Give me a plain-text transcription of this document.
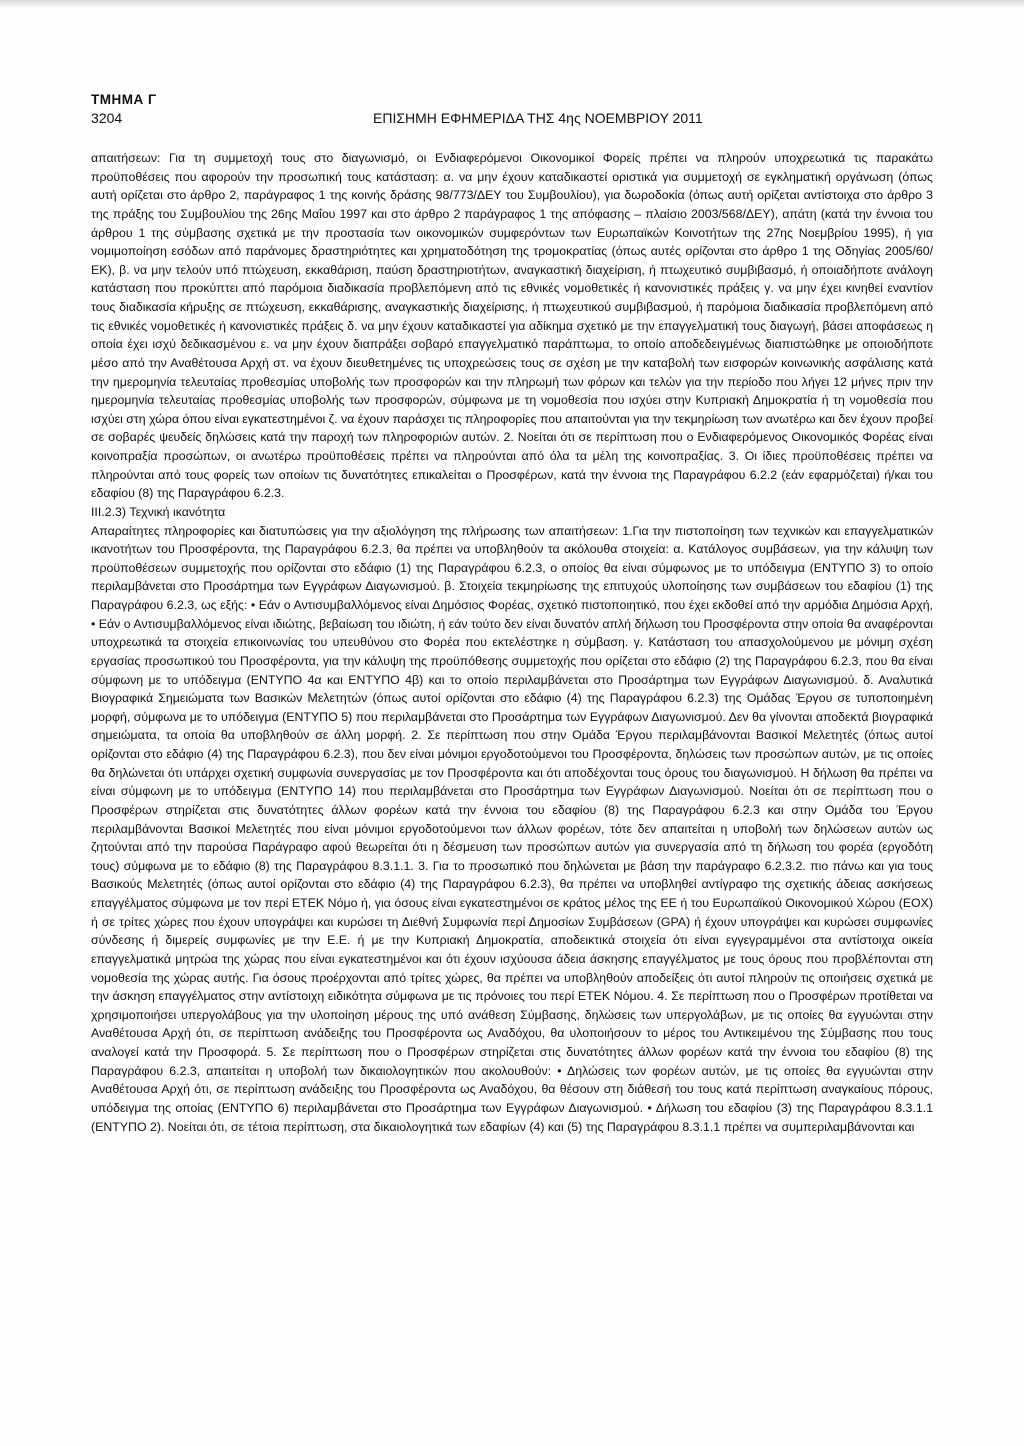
ΤΜΗΜΑ Γ
3204	ΕΠΙΣΗΜΗ ΕΦΗΜΕΡΙΔΑ ΤΗΣ 4ης ΝΟΕΜΒΡΙΟΥ 2011

απαιτήσεων: Για τη συμμετοχή τους στο διαγωνισμό, οι Ενδιαφερόμενοι Οικονομικοί Φορείς πρέπει να πληρούν υποχρεωτικά τις παρακάτω προϋποθέσεις που αφορούν την προσωπική τους κατάσταση: α. να μην έχουν καταδικαστεί οριστικά για συμμετοχή σε εγκληματική οργάνωση (όπως αυτή ορίζεται στο άρθρο 2, παράγραφος 1 της κοινής δράσης 98/773/ΔΕΥ του Συμβουλίου), για δωροδοκία (όπως αυτή ορίζεται αντίστοιχα στο άρθρο 3 της πράξης του Συμβουλίου της 26ης Μαΐου 1997 και στο άρθρο 2 παράγραφος 1 της απόφασης – πλαίσιο 2003/568/ΔΕΥ), απάτη (κατά την έννοια του άρθρου 1 της σύμβασης σχετικά με την προστασία των οικονομικών συμφερόντων των Ευρωπαϊκών Κοινοτήτων της 27ης Νοεμβρίου 1995), ή για νομιμοποίηση εσόδων από παράνομες δραστηριότητες και χρηματοδότηση της τρομοκρατίας (όπως αυτές ορίζονται στο άρθρο 1 της Οδηγίας 2005/60/ΕΚ), β. να μην τελούν υπό πτώχευση, εκκαθάριση, παύση δραστηριοτήτων, αναγκαστική διαχείριση, ή πτωχευτικό συμβιβασμό, ή οποιαδήποτε ανάλογη κατάσταση που προκύπτει από παρόμοια διαδικασία προβλεπόμενη από τις εθνικές νομοθετικές ή κανονιστικές πράξεις γ. να μην έχει κινηθεί εναντίον τους διαδικασία κήρυξης σε πτώχευση, εκκαθάρισης, αναγκαστικής διαχείρισης, ή πτωχευτικού συμβιβασμού, ή παρόμοια διαδικασία προβλεπόμενη από τις εθνικές νομοθετικές ή κανονιστικές πράξεις δ. να μην έχουν καταδικαστεί για αδίκημα σχετικό με την επαγγελματική τους διαγωγή, βάσει αποφάσεως η οποία έχει ισχύ δεδικασμένου ε. να μην έχουν διαπράξει σοβαρό επαγγελματικό παράπτωμα, το οποίο αποδεδειγμένως διαπιστώθηκε με οποιοδήποτε μέσο από την Αναθέτουσα Αρχή στ. να έχουν διευθετημένες τις υποχρεώσεις τους σε σχέση με την καταβολή των εισφορών κοινωνικής ασφάλισης κατά την ημερομηνία τελευταίας προθεσμίας υποβολής των προσφορών και την πληρωμή των φόρων και τελών για την περίοδο που λήγει 12 μήνες πριν την ημερομηνία τελευταίας προθεσμίας υποβολής των προσφορών, σύμφωνα με τη νομοθεσία που ισχύει στην Κυπριακή Δημοκρατία ή τη νομοθεσία που ισχύει στη χώρα όπου είναι εγκατεστημένοι ζ. να έχουν παράσχει τις πληροφορίες που απαιτούνται για την τεκμηρίωση των ανωτέρω και δεν έχουν προβεί σε σοβαρές ψευδείς δηλώσεις κατά την παροχή των πληροφοριών αυτών. 2. Νοείται ότι σε περίπτωση που ο Ενδιαφερόμενος Οικονομικός Φορέας είναι κοινοπραξία προσώπων, οι ανωτέρω προϋποθέσεις πρέπει να πληρούνται από όλα τα μέλη της κοινοπραξίας. 3. Οι ίδιες προϋποθέσεις πρέπει να πληρούνται από τους φορείς των οποίων τις δυνατότητες επικαλείται ο Προσφέρων, κατά την έννοια της Παραγράφου 6.2.2 (εάν εφαρμόζεται) ή/και του εδαφίου (8) της Παραγράφου 6.2.3.

III.2.3) Τεχνική ικανότητα

Απαραίτητες πληροφορίες και διατυπώσεις για την αξιολόγηση της πλήρωσης των απαιτήσεων: 1.Για την πιστοποίηση των τεχνικών και επαγγελματικών ικανοτήτων του Προσφέροντα, της Παραγράφου 6.2.3, θα πρέπει να υποβληθούν τα ακόλουθα στοιχεία: α. Κατάλογος συμβάσεων, για την κάλυψη των προϋποθέσεων συμμετοχής που ορίζονται στο εδάφιο (1) της Παραγράφου 6.2.3, ο οποίος θα είναι σύμφωνος με το υπόδειγμα (ΕΝΤΥΠΟ 3) το οποίο περιλαμβάνεται στο Προσάρτημα των Εγγράφων Διαγωνισμού. β. Στοιχεία τεκμηρίωσης της επιτυχούς υλοποίησης των συμβάσεων του εδαφίου (1) της Παραγράφου 6.2.3, ως εξής: • Εάν ο Αντισυμβαλλόμενος είναι Δημόσιος Φορέας, σχετικό πιστοποιητικό, που έχει εκδοθεί από την αρμόδια Δημόσια Αρχή, • Εάν ο Αντισυμβαλλόμενος είναι ιδιώτης, βεβαίωση του ιδιώτη, ή εάν τούτο δεν είναι δυνατόν απλή δήλωση του Προσφέροντα στην οποία θα αναφέρονται υποχρεωτικά τα στοιχεία επικοινωνίας του υπευθύνου στο Φορέα που εκτελέστηκε η σύμβαση. γ. Κατάσταση του απασχολούμενου με μόνιμη σχέση εργασίας προσωπικού του Προσφέροντα, για την κάλυψη της προϋπόθεσης συμμετοχής που ορίζεται στο εδάφιο (2) της Παραγράφου 6.2.3, που θα είναι σύμφωνη με το υπόδειγμα (ΕΝΤΥΠΟ 4α και ΕΝΤΥΠΟ 4β) και το οποίο περιλαμβάνεται στο Προσάρτημα των Εγγράφων Διαγωνισμού. δ. Αναλυτικά Βιογραφικά Σημειώματα των Βασικών Μελετητών (όπως αυτοί ορίζονται στο εδάφιο (4) της Παραγράφου 6.2.3) της Ομάδας Έργου σε τυποποιημένη μορφή, σύμφωνα με το υπόδειγμα (ΕΝΤΥΠΟ 5) που περιλαμβάνεται στο Προσάρτημα των Εγγράφων Διαγωνισμού. Δεν θα γίνονται αποδεκτά βιογραφικά σημειώματα, τα οποία θα υποβληθούν σε άλλη μορφή. 2. Σε περίπτωση που στην Ομάδα Έργου περιλαμβάνονται Βασικοί Μελετητές (όπως αυτοί ορίζονται στο εδάφιο (4) της Παραγράφου 6.2.3), που δεν είναι μόνιμοι εργοδοτούμενοι του Προσφέροντα, δηλώσεις των προσώπων αυτών, με τις οποίες θα δηλώνεται ότι υπάρχει σχετική συμφωνία συνεργασίας με τον Προσφέροντα και ότι αποδέχονται τους όρους του διαγωνισμού. Η δήλωση θα πρέπει να είναι σύμφωνη με το υπόδειγμα (ΕΝΤΥΠΟ 14) που περιλαμβάνεται στο Προσάρτημα των Εγγράφων Διαγωνισμού. Νοείται ότι σε περίπτωση που ο Προσφέρων στηρίζεται στις δυνατότητες άλλων φορέων κατά την έννοια του εδαφίου (8) της Παραγράφου 6.2.3 και στην Ομάδα του Έργου περιλαμβάνονται Βασικοί Μελετητές που είναι μόνιμοι εργοδοτούμενοι των άλλων φορέων, τότε δεν απαιτείται η υποβολή των δηλώσεων αυτών ως ζητούνται από την παρούσα Παράγραφο αφού θεωρείται ότι η δέσμευση των προσώπων αυτών για συνεργασία από τη δήλωση του φορέα (εργοδότη τους) σύμφωνα με το εδάφιο (8) της Παραγράφου 8.3.1.1. 3. Για το προσωπικό που δηλώνεται με βάση την παράγραφο 6.2.3.2. πιο πάνω και για τους Βασικούς Μελετητές (όπως αυτοί ορίζονται στο εδάφιο (4) της Παραγράφου 6.2.3), θα πρέπει να υποβληθεί αντίγραφο της σχετικής άδειας ασκήσεως επαγγέλματος σύμφωνα με τον περί ΕΤΕΚ Νόμο ή, για όσους είναι εγκατεστημένοι σε κράτος μέλος της ΕΕ ή του Ευρωπαϊκού Οικονομικού Χώρου (ΕΟΧ) ή σε τρίτες χώρες που έχουν υπογράψει και κυρώσει τη Διεθνή Συμφωνία περί Δημοσίων Συμβάσεων (GPA) ή έχουν υπογράψει και κυρώσει συμφωνίες σύνδεσης ή διμερείς συμφωνίες με την Ε.Ε. ή με την Κυπριακή Δημοκρατία, αποδεικτικά στοιχεία ότι είναι εγγεγραμμένοι στα αντίστοιχα οικεία επαγγελματικά μητρώα της χώρας που είναι εγκατεστημένοι και ότι έχουν ισχύουσα άδεια άσκησης επαγγέλματος με τους όρους που προβλέπονται στη νομοθεσία της χώρας αυτής. Για όσους προέρχονται από τρίτες χώρες, θα πρέπει να υποβληθούν αποδείξεις ότι αυτοί πληρούν τις οποιήσεις σχετικά με την άσκηση επαγγέλματος στην αντίστοιχη ειδικότητα σύμφωνα με τις πρόνοιες του περί ΕΤΕΚ Νόμου. 4. Σε περίπτωση που ο Προσφέρων προτίθεται να χρησιμοποιήσει υπεργολάβους για την υλοποίηση μέρους της υπό ανάθεση Σύμβασης, δηλώσεις των υπεργολάβων, με τις οποίες θα εγγυώνται στην Αναθέτουσα Αρχή ότι, σε περίπτωση ανάδειξης του Προσφέροντα ως Αναδόχου, θα υλοποιήσουν το μέρος του Αντικειμένου της Σύμβασης που τους αναλογεί κατά την Προσφορά. 5. Σε περίπτωση που ο Προσφέρων στηρίζεται στις δυνατότητες άλλων φορέων κατά την έννοια του εδαφίου (8) της Παραγράφου 6.2.3, απαιτείται η υποβολή των δικαιολογητικών που ακολουθούν: • Δηλώσεις των φορέων αυτών, με τις οποίες θα εγγυώνται στην Αναθέτουσα Αρχή ότι, σε περίπτωση ανάδειξης του Προσφέροντα ως Αναδόχου, θα θέσουν στη διάθεσή του τους κατά περίπτωση αναγκαίους πόρους, υπόδειγμα της οποίας (ΕΝΤΥΠΟ 6) περιλαμβάνεται στο Προσάρτημα των Εγγράφων Διαγωνισμού. • Δήλωση του εδαφίου (3) της Παραγράφου 8.3.1.1 (ΕΝΤΥΠΟ 2). Νοείται ότι, σε τέτοια περίπτωση, στα δικαιολογητικά των εδαφίων (4) και (5) της Παραγράφου 8.3.1.1 πρέπει να συμπεριλαμβάνονται και
